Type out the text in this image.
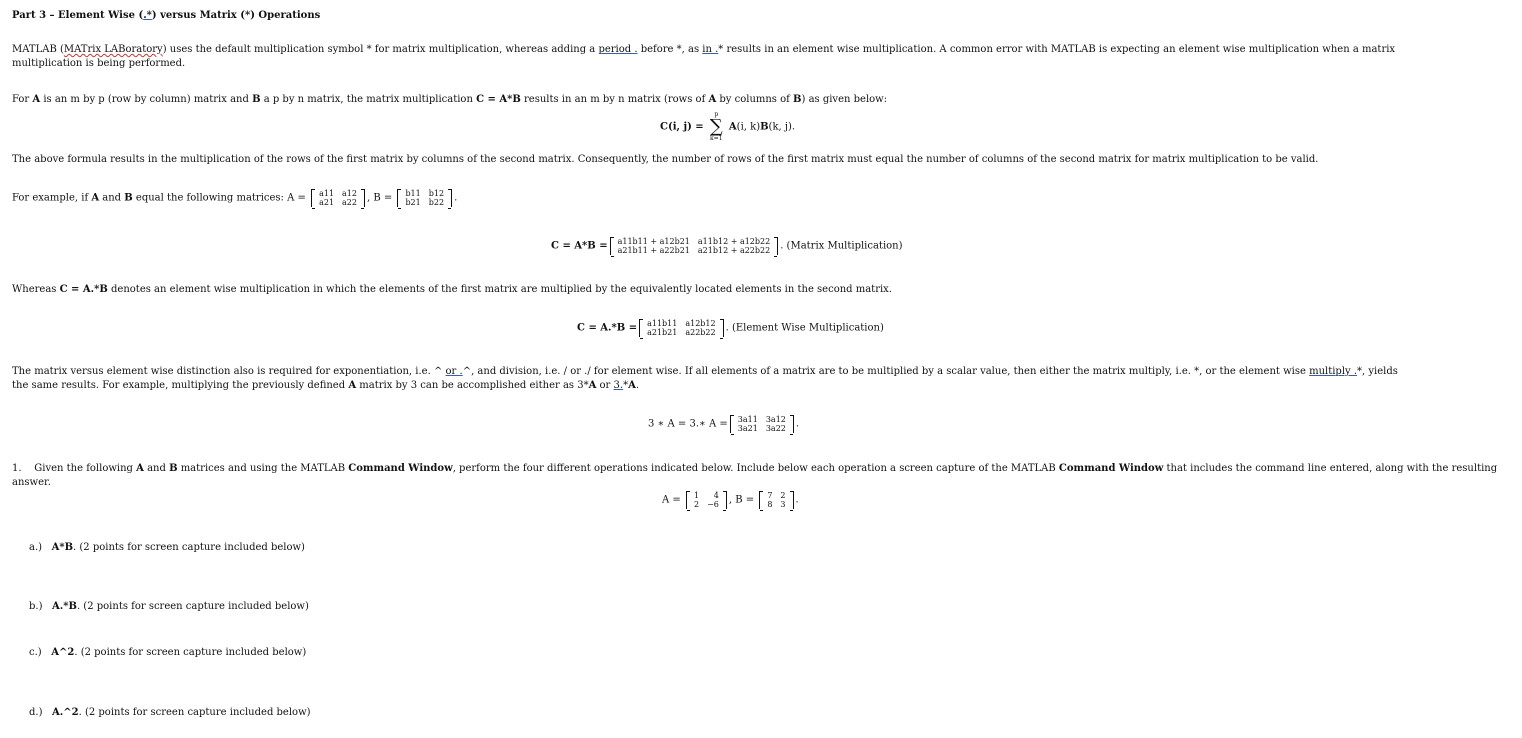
Part 3 – Element Wise (.*) versus Matrix (*) Operations
MATLAB (MATrix LABoratory) uses the default multiplication symbol * for matrix multiplication, whereas adding a period . before *, as in .* results in an element wise multiplication. A common error with MATLAB is expecting an element wise multiplication when a matrix multiplication is being performed.
For A is an m by p (row by column) matrix and B a p by n matrix, the matrix multiplication C = A*B results in an m by n matrix (rows of A by columns of B) as given below:
C(i, j) =
p
∑
k=1
A(i, k)B(k, j).
The above formula results in the multiplication of the rows of the first matrix by columns of the second matrix. Consequently, the number of rows of the first matrix must equal the number of columns of the second matrix for matrix multiplication to be valid.
For example, if A and B equal the following matrices: A = a11	a12
a21	a22 , B = b11	b12
b21	b22 .
C = A*B = a11b11 + a12b21	a11b12 + a12b22
a21b11 + a22b21	a21b12 + a22b22 . (Matrix Multiplication)
Whereas C = A.*B denotes an element wise multiplication in which the elements of the first matrix are multiplied by the equivalently located elements in the second matrix.
C = A.*B = a11b11	a12b12
a21b21	a22b22 . (Element Wise Multiplication)
The matrix versus element wise distinction also is required for exponentiation, i.e. ^ or .^, and division, i.e. / or ./ for element wise. If all elements of a matrix are to be multiplied by a scalar value, then either the matrix multiply, i.e. *, or the element wise multiply .*, yields the same results. For example, multiplying the previously defined A matrix by 3 can be accomplished either as 3*A or 3.*A.
3 ∗ A = 3.∗ A = 3a11	3a12
3a21	3a22 .
1. Given the following A and B matrices and using the MATLAB Command Window, perform the four different operations indicated below. Include below each operation a screen capture of the MATLAB Command Window that includes the command line entered, along with the resulting answer.
A = 1	4
2	−6 , B = 7	2
8	3 .
a.) A*B. (2 points for screen capture included below)
b.) A.*B. (2 points for screen capture included below)
c.) A^2. (2 points for screen capture included below)
d.) A.^2. (2 points for screen capture included below)
